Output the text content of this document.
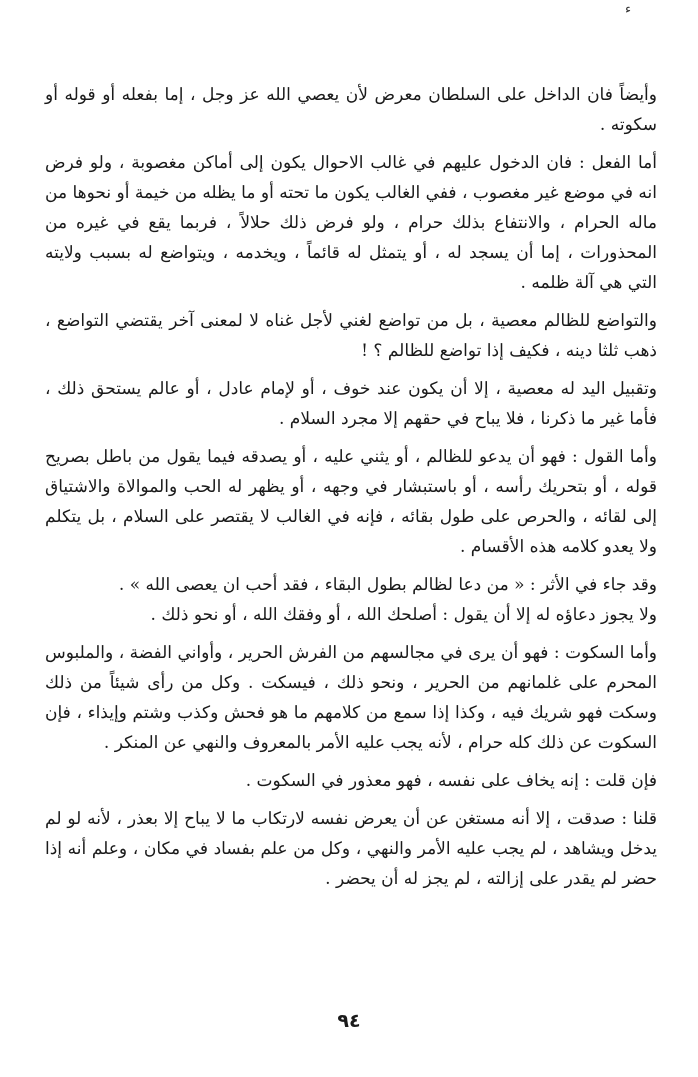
ﺀ

وأيضاً فان الداخل على السلطان معرض لأن يعصي الله عز وجل ، إما بفعله أو قوله أو سكوته .

أما الفعل : فان الدخول عليهم في غالب الاحوال يكون إلى أماكن مغصوبة ، ولو فرض انه في موضع غير مغصوب ، ففي الغالب يكون ما تحته أو ما يظله من خيمة أو نحوها من ماله الحرام ، والانتفاع بذلك حرام ، ولو فرض ذلك حلالاً ، فربما يقع في غيره من المحذورات ، إما أن يسجد له ، أو يتمثل له قائماً ، ويخدمه ، ويتواضع له بسبب ولايته التي هي آلة ظلمه .

والتواضع للظالم معصية ، بل من تواضع لغني لأجل غناه لا لمعنى آخر يقتضي التواضع ، ذهب ثلثا دينه ، فكيف إذا تواضع للظالم ؟ !

وتقبيل اليد له معصية ، إلا أن يكون عند خوف ، أو لإمام عادل ، أو عالم يستحق ذلك ، فأما غير ما ذكرنا ، فلا يباح في حقهم إلا مجرد السلام .

وأما القول : فهو أن يدعو للظالم ، أو يثني عليه ، أو يصدقه فيما يقول من باطل بصريح قوله ، أو بتحريك رأسه ، أو باستبشار في وجهه ، أو يظهر له الحب والموالاة والاشتياق إلى لقائه ، والحرص على طول بقائه ، فإنه في الغالب لا يقتصر على السلام ، بل يتكلم ولا يعدو كلامه هذه الأقسام .

وقد جاء في الأثر : « من دعا لظالم بطول البقاء ، فقد أحب ان يعصى الله » .

ولا يجوز دعاؤه له إلا أن يقول : أصلحك الله ، أو وفقك الله ، أو نحو ذلك .

وأما السكوت : فهو أن يرى في مجالسهم من الفرش الحرير ، وأواني الفضة ، والملبوس المحرم على غلمانهم من الحرير ، ونحو ذلك ، فيسكت . وكل من رأى شيئاً من ذلك وسكت فهو شريك فيه ، وكذا إذا سمع من كلامهم ما هو فحش وكذب وشتم وإيذاء ، فإن السكوت عن ذلك كله حرام ، لأنه يجب عليه الأمر بالمعروف والنهي عن المنكر .

فإن قلت : إنه يخاف على نفسه ، فهو معذور في السكوت .

قلنا : صدقت ، إلا أنه مستغن عن أن يعرض نفسه لارتكاب ما لا يباح إلا بعذر ، لأنه لو لم يدخل ويشاهد ، لم يجب عليه الأمر والنهي ، وكل من علم بفساد في مكان ، وعلم أنه إذا حضر لم يقدر على إزالته ، لم يجز له أن يحضر .

٩٤
